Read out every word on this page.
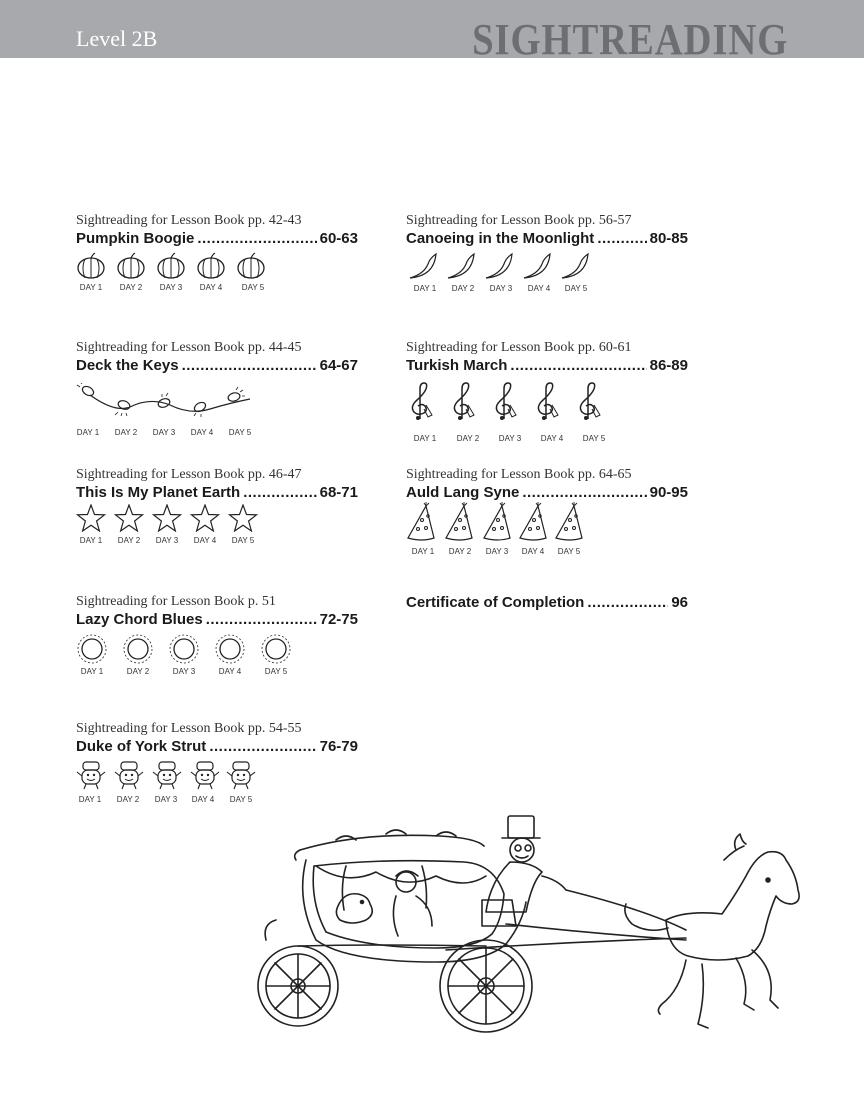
Level 2B	SIGHTREADING
Sightreading for Lesson Book pp. 42-43
Pumpkin Boogie .....	60-63
DAY 1 DAY 2 DAY 3 DAY 4 DAY 5
Sightreading for Lesson Book pp. 44-45
Deck the Keys .....	64-67
DAY 1 DAY 2 DAY 3 DAY 4 DAY 5
Sightreading for Lesson Book pp. 46-47
This Is My Planet Earth .....	68-71
DAY 1 DAY 2 DAY 3 DAY 4 DAY 5
Sightreading for Lesson Book p. 51
Lazy Chord Blues .....	72-75
DAY 1	DAY 2	DAY 3	DAY 4	DAY 5
Sightreading for Lesson Book pp. 54-55
Duke of York Strut .....	76-79
DAY 1 DAY 2 DAY 3 DAY 4 DAY 5
Sightreading for Lesson Book pp. 56-57
Canoeing in the Moonlight .....	80-85
DAY 1 DAY 2 DAY 3 DAY 4 DAY 5
Sightreading for Lesson Book pp. 60-61
Turkish March .....	86-89
DAY 1	DAY 2 DAY 3 DAY 4 DAY 5
Sightreading for Lesson Book pp. 64-65
Auld Lang Syne .....	90-95
DAY 1 DAY 2 DAY 3 DAY 4 DAY 5
Certificate of Completion .....	96
